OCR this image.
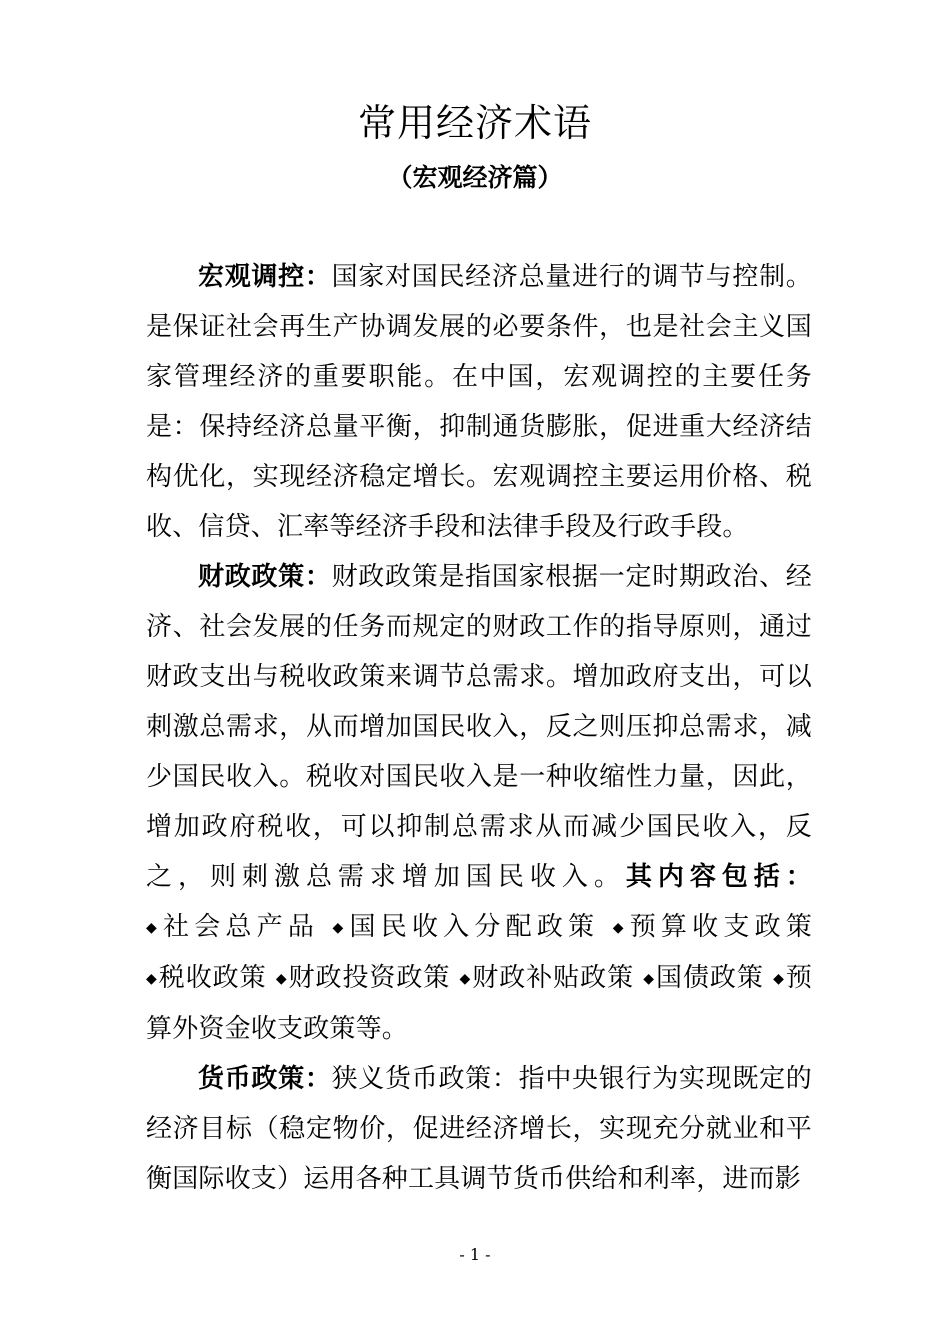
常用经济术语
（宏观经济篇）

宏观调控：国家对国民经济总量进行的调节与控制。是保证社会再生产协调发展的必要条件，也是社会主义国家管理经济的重要职能。在中国，宏观调控的主要任务是：保持经济总量平衡，抑制通货膨胀，促进重大经济结构优化，实现经济稳定增长。宏观调控主要运用价格、税收、信贷、汇率等经济手段和法律手段及行政手段。

财政政策：财政政策是指国家根据一定时期政治、经济、社会发展的任务而规定的财政工作的指导原则，通过财政支出与税收政策来调节总需求。增加政府支出，可以刺激总需求，从而增加国民收入，反之则压抑总需求，减少国民收入。税收对国民收入是一种收缩性力量，因此，增加政府税收，可以抑制总需求从而减少国民收入，反之，则刺激总需求增加国民收入。其内容包括：◆社会总产品 ◆国民收入分配政策 ◆预算收支政策 ◆税收政策 ◆财政投资政策 ◆财政补贴政策 ◆国债政策 ◆预算外资金收支政策等。

货币政策：狭义货币政策：指中央银行为实现既定的经济目标（稳定物价，促进经济增长，实现充分就业和平衡国际收支）运用各种工具调节货币供给和利率，进而影

- 1 -
